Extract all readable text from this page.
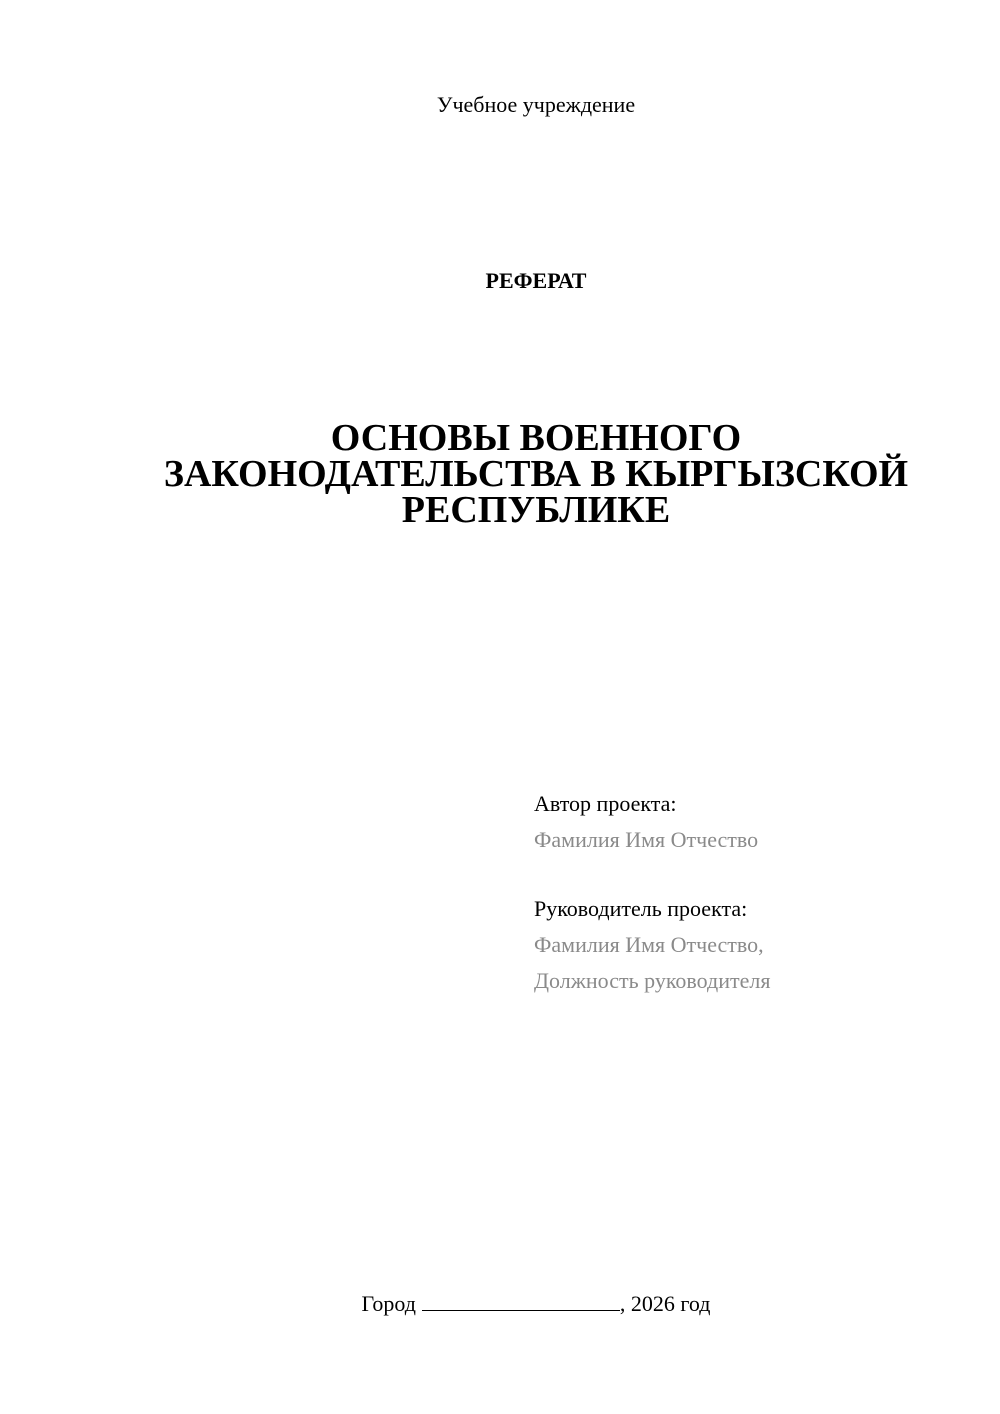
Учебное учреждение
РЕФЕРАТ
ОСНОВЫ ВОЕННОГО
ЗАКОНОДАТЕЛЬСТВА В КЫРГЫЗСКОЙ
РЕСПУБЛИКЕ
Автор проекта:
Фамилия Имя Отчество
Руководитель проекта:
Фамилия Имя Отчество,
Должность руководителя
Город	, 2026 год
